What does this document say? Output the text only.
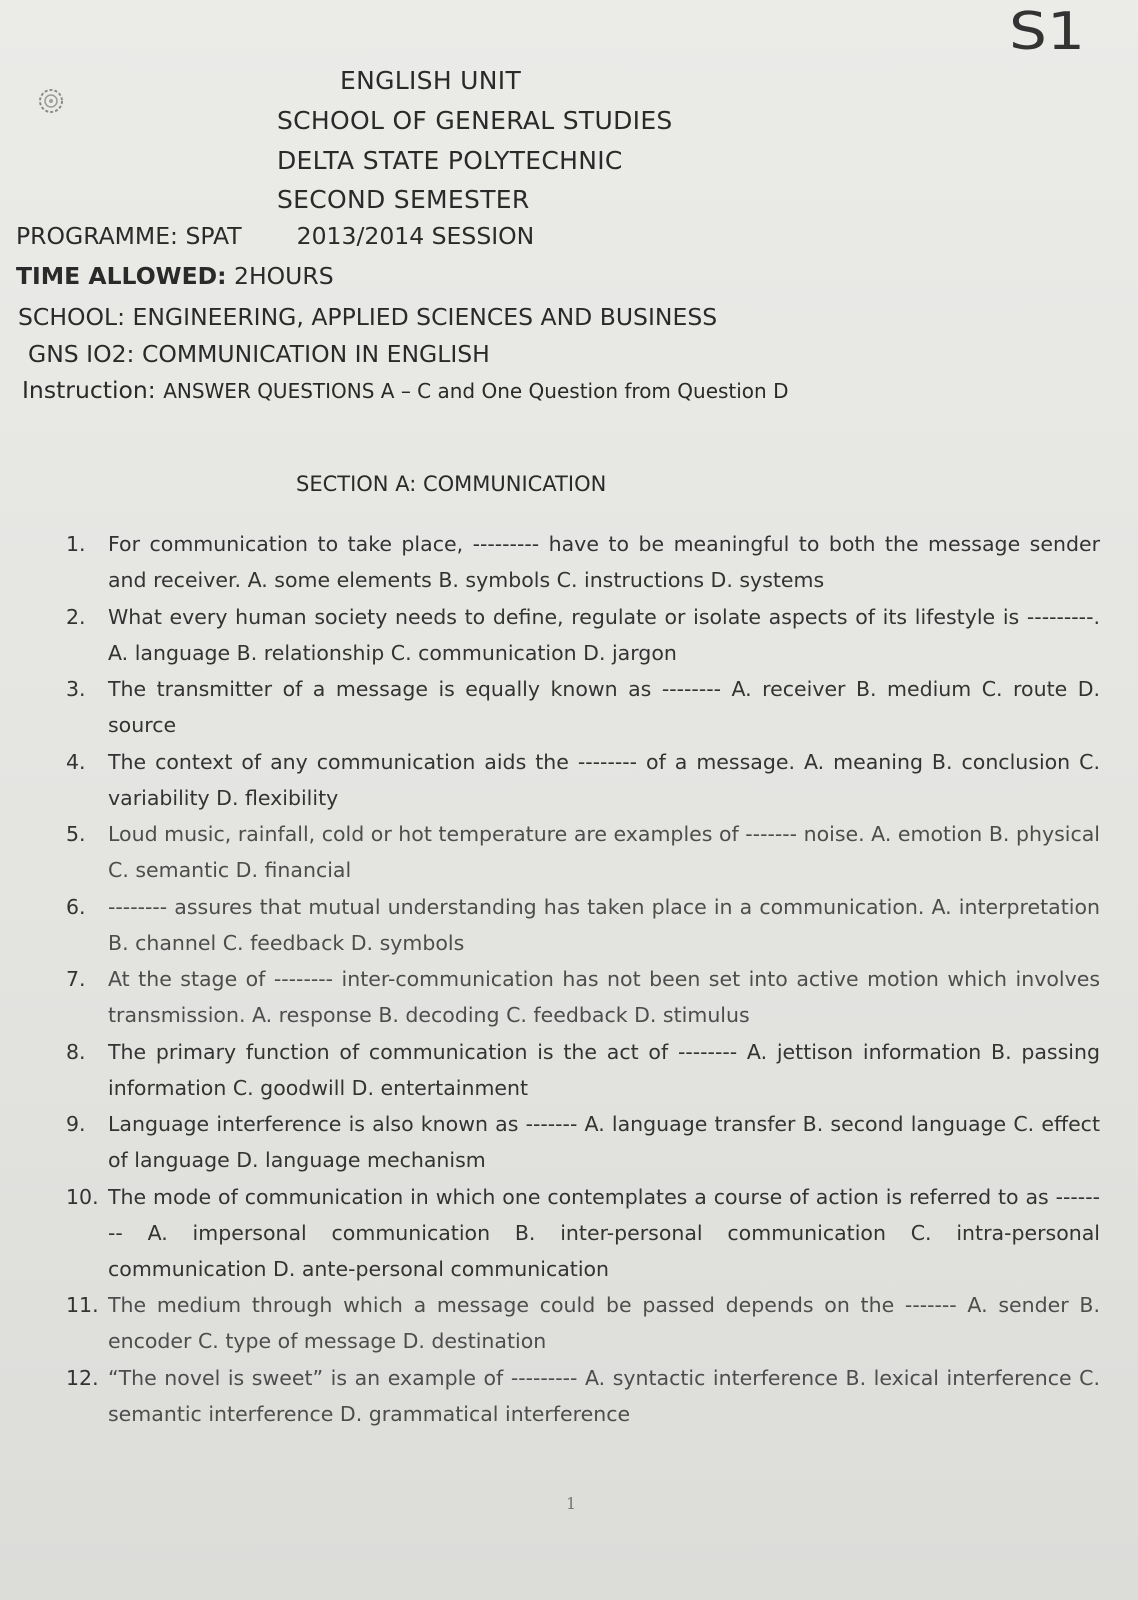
S1
ENGLISH UNIT
SCHOOL OF GENERAL STUDIES
DELTA STATE POLYTECHNIC
SECOND SEMESTER
PROGRAMME: SPAT 2013/2014 SESSION
TIME ALLOWED: 2HOURS
SCHOOL: ENGINEERING, APPLIED SCIENCES AND BUSINESS
GNS IO2: COMMUNICATION IN ENGLISH
Instruction: ANSWER QUESTIONS A – C and One Question from Question D
SECTION A: COMMUNICATION
1.	For communication to take place, --------- have to be meaningful to both the message sender and receiver. A. some elements B. symbols C. instructions D. systems
2.	What every human society needs to define, regulate or isolate aspects of its lifestyle is ---------. A. language B. relationship C. communication D. jargon
3.	The transmitter of a message is equally known as -------- A. receiver B. medium C. route D. source
4.	The context of any communication aids the -------- of a message. A. meaning B. conclusion C. variability D. flexibility
5.	Loud music, rainfall, cold or hot temperature are examples of ------- noise. A. emotion B. physical C. semantic D. financial
6.	-------- assures that mutual understanding has taken place in a communication. A. interpretation B. channel C. feedback D. symbols
7.	At the stage of -------- inter-communication has not been set into active motion which involves transmission. A. response B. decoding C. feedback D. stimulus
8.	The primary function of communication is the act of -------- A. jettison information B. passing information C. goodwill D. entertainment
9.	Language interference is also known as ------- A. language transfer B. second language C. effect of language D. language mechanism
10. The mode of communication in which one contemplates a course of action is referred to as -------- A. impersonal communication B. inter-personal communication C. intra-personal communication D. ante-personal communication
11. The medium through which a message could be passed depends on the ------- A. sender B. encoder C. type of message D. destination
12. “The novel is sweet” is an example of --------- A. syntactic interference B. lexical interference C. semantic interference D. grammatical interference
1
